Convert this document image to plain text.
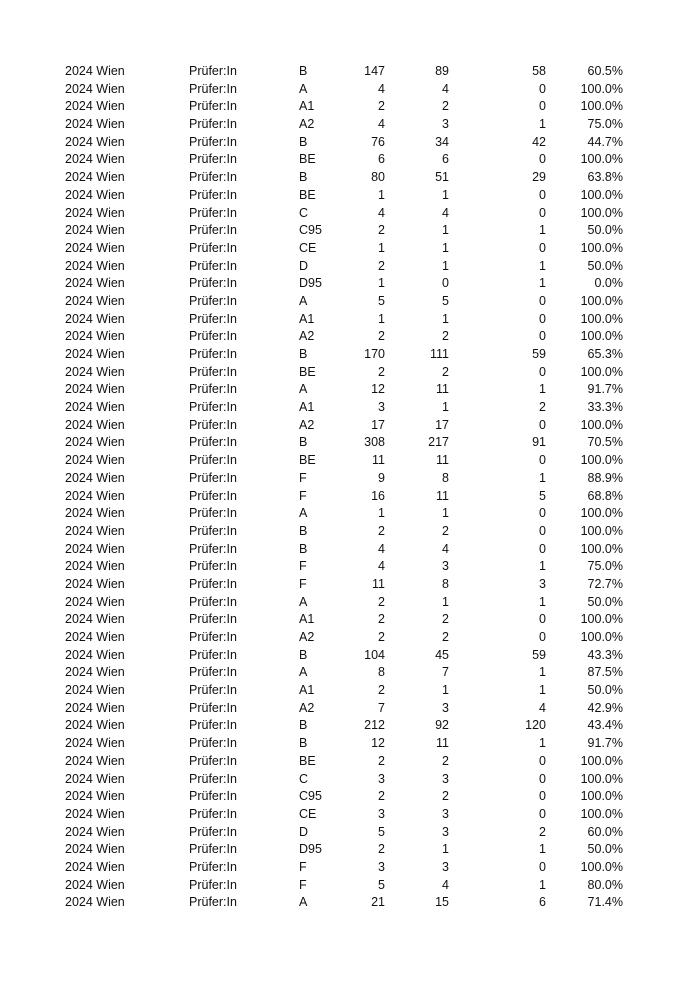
2024 Wien	Prüfer:In	B	147	89	58	60.5%
2024 Wien	Prüfer:In	A	4	4	0	100.0%
2024 Wien	Prüfer:In	A1	2	2	0	100.0%
2024 Wien	Prüfer:In	A2	4	3	1	75.0%
2024 Wien	Prüfer:In	B	76	34	42	44.7%
2024 Wien	Prüfer:In	BE	6	6	0	100.0%
2024 Wien	Prüfer:In	B	80	51	29	63.8%
2024 Wien	Prüfer:In	BE	1	1	0	100.0%
2024 Wien	Prüfer:In	C	4	4	0	100.0%
2024 Wien	Prüfer:In	C95	2	1	1	50.0%
2024 Wien	Prüfer:In	CE	1	1	0	100.0%
2024 Wien	Prüfer:In	D	2	1	1	50.0%
2024 Wien	Prüfer:In	D95	1	0	1	0.0%
2024 Wien	Prüfer:In	A	5	5	0	100.0%
2024 Wien	Prüfer:In	A1	1	1	0	100.0%
2024 Wien	Prüfer:In	A2	2	2	0	100.0%
2024 Wien	Prüfer:In	B	170	111	59	65.3%
2024 Wien	Prüfer:In	BE	2	2	0	100.0%
2024 Wien	Prüfer:In	A	12	11	1	91.7%
2024 Wien	Prüfer:In	A1	3	1	2	33.3%
2024 Wien	Prüfer:In	A2	17	17	0	100.0%
2024 Wien	Prüfer:In	B	308	217	91	70.5%
2024 Wien	Prüfer:In	BE	11	11	0	100.0%
2024 Wien	Prüfer:In	F	9	8	1	88.9%
2024 Wien	Prüfer:In	F	16	11	5	68.8%
2024 Wien	Prüfer:In	A	1	1	0	100.0%
2024 Wien	Prüfer:In	B	2	2	0	100.0%
2024 Wien	Prüfer:In	B	4	4	0	100.0%
2024 Wien	Prüfer:In	F	4	3	1	75.0%
2024 Wien	Prüfer:In	F	11	8	3	72.7%
2024 Wien	Prüfer:In	A	2	1	1	50.0%
2024 Wien	Prüfer:In	A1	2	2	0	100.0%
2024 Wien	Prüfer:In	A2	2	2	0	100.0%
2024 Wien	Prüfer:In	B	104	45	59	43.3%
2024 Wien	Prüfer:In	A	8	7	1	87.5%
2024 Wien	Prüfer:In	A1	2	1	1	50.0%
2024 Wien	Prüfer:In	A2	7	3	4	42.9%
2024 Wien	Prüfer:In	B	212	92	120	43.4%
2024 Wien	Prüfer:In	B	12	11	1	91.7%
2024 Wien	Prüfer:In	BE	2	2	0	100.0%
2024 Wien	Prüfer:In	C	3	3	0	100.0%
2024 Wien	Prüfer:In	C95	2	2	0	100.0%
2024 Wien	Prüfer:In	CE	3	3	0	100.0%
2024 Wien	Prüfer:In	D	5	3	2	60.0%
2024 Wien	Prüfer:In	D95	2	1	1	50.0%
2024 Wien	Prüfer:In	F	3	3	0	100.0%
2024 Wien	Prüfer:In	F	5	4	1	80.0%
2024 Wien	Prüfer:In	A	21	15	6	71.4%
